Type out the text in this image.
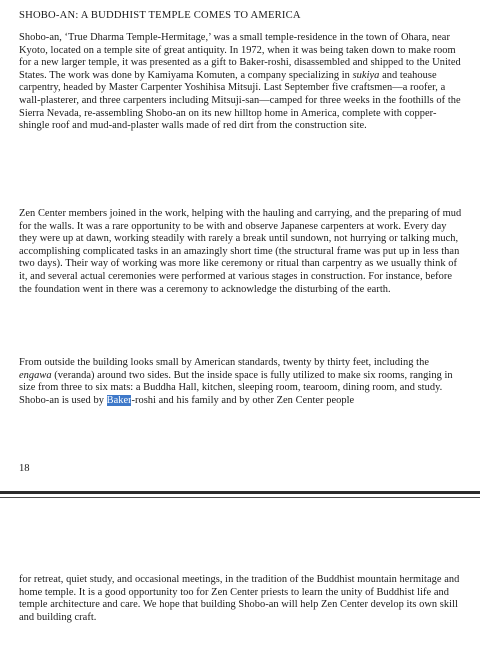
SHOBO-AN: A BUDDHIST TEMPLE COMES TO AMERICA

Shobo-an, ‘True Dharma Temple-Hermitage,’ was a small temple-residence in the town of Ohara, near Kyoto, located on a temple site of great antiquity. In 1972, when it was being taken down to make room for a new larger temple, it was presented as a gift to Baker-roshi, disassembled and shipped to the United States. The work was done by Kamiyama Komuten, a company specializing in sukiya and teahouse carpentry, headed by Master Carpenter Yoshihisa Mitsuji. Last September five craftsmen—a roofer, a wall-plasterer, and three carpenters including Mitsuji-san—camped for three weeks in the foothills of the Sierra Nevada, re-assembling Shobo-an on its new hilltop home in America, complete with copper-shingle roof and mud-and-plaster walls made of red dirt from the construction site.

Zen Center members joined in the work, helping with the hauling and carrying, and the preparing of mud for the walls. It was a rare opportunity to be with and observe Japanese carpenters at work. Every day they were up at dawn, working steadily with rarely a break until sundown, not hurrying or talking much, accomplishing complicated tasks in an amazingly short time (the structural frame was put up in less than two days). Their way of working was more like ceremony or ritual than carpentry as we usually think of it, and several actual ceremonies were performed at various stages in construction. For instance, before the foundation went in there was a ceremony to acknowledge the disturbing of the earth.

From outside the building looks small by American standards, twenty by thirty feet, including the engawa (veranda) around two sides. But the inside space is fully utilized to make six rooms, ranging in size from three to six mats: a Buddha Hall, kitchen, sleeping room, tearoom, dining room, and study. Shobo-an is used by Baker-roshi and his family and by other Zen Center people

18

for retreat, quiet study, and occasional meetings, in the tradition of the Buddhist mountain hermitage and home temple. It is a good opportunity too for Zen Center priests to learn the unity of Buddhist life and temple architecture and care. We hope that building Shobo-an will help Zen Center develop its own skill and building craft.
